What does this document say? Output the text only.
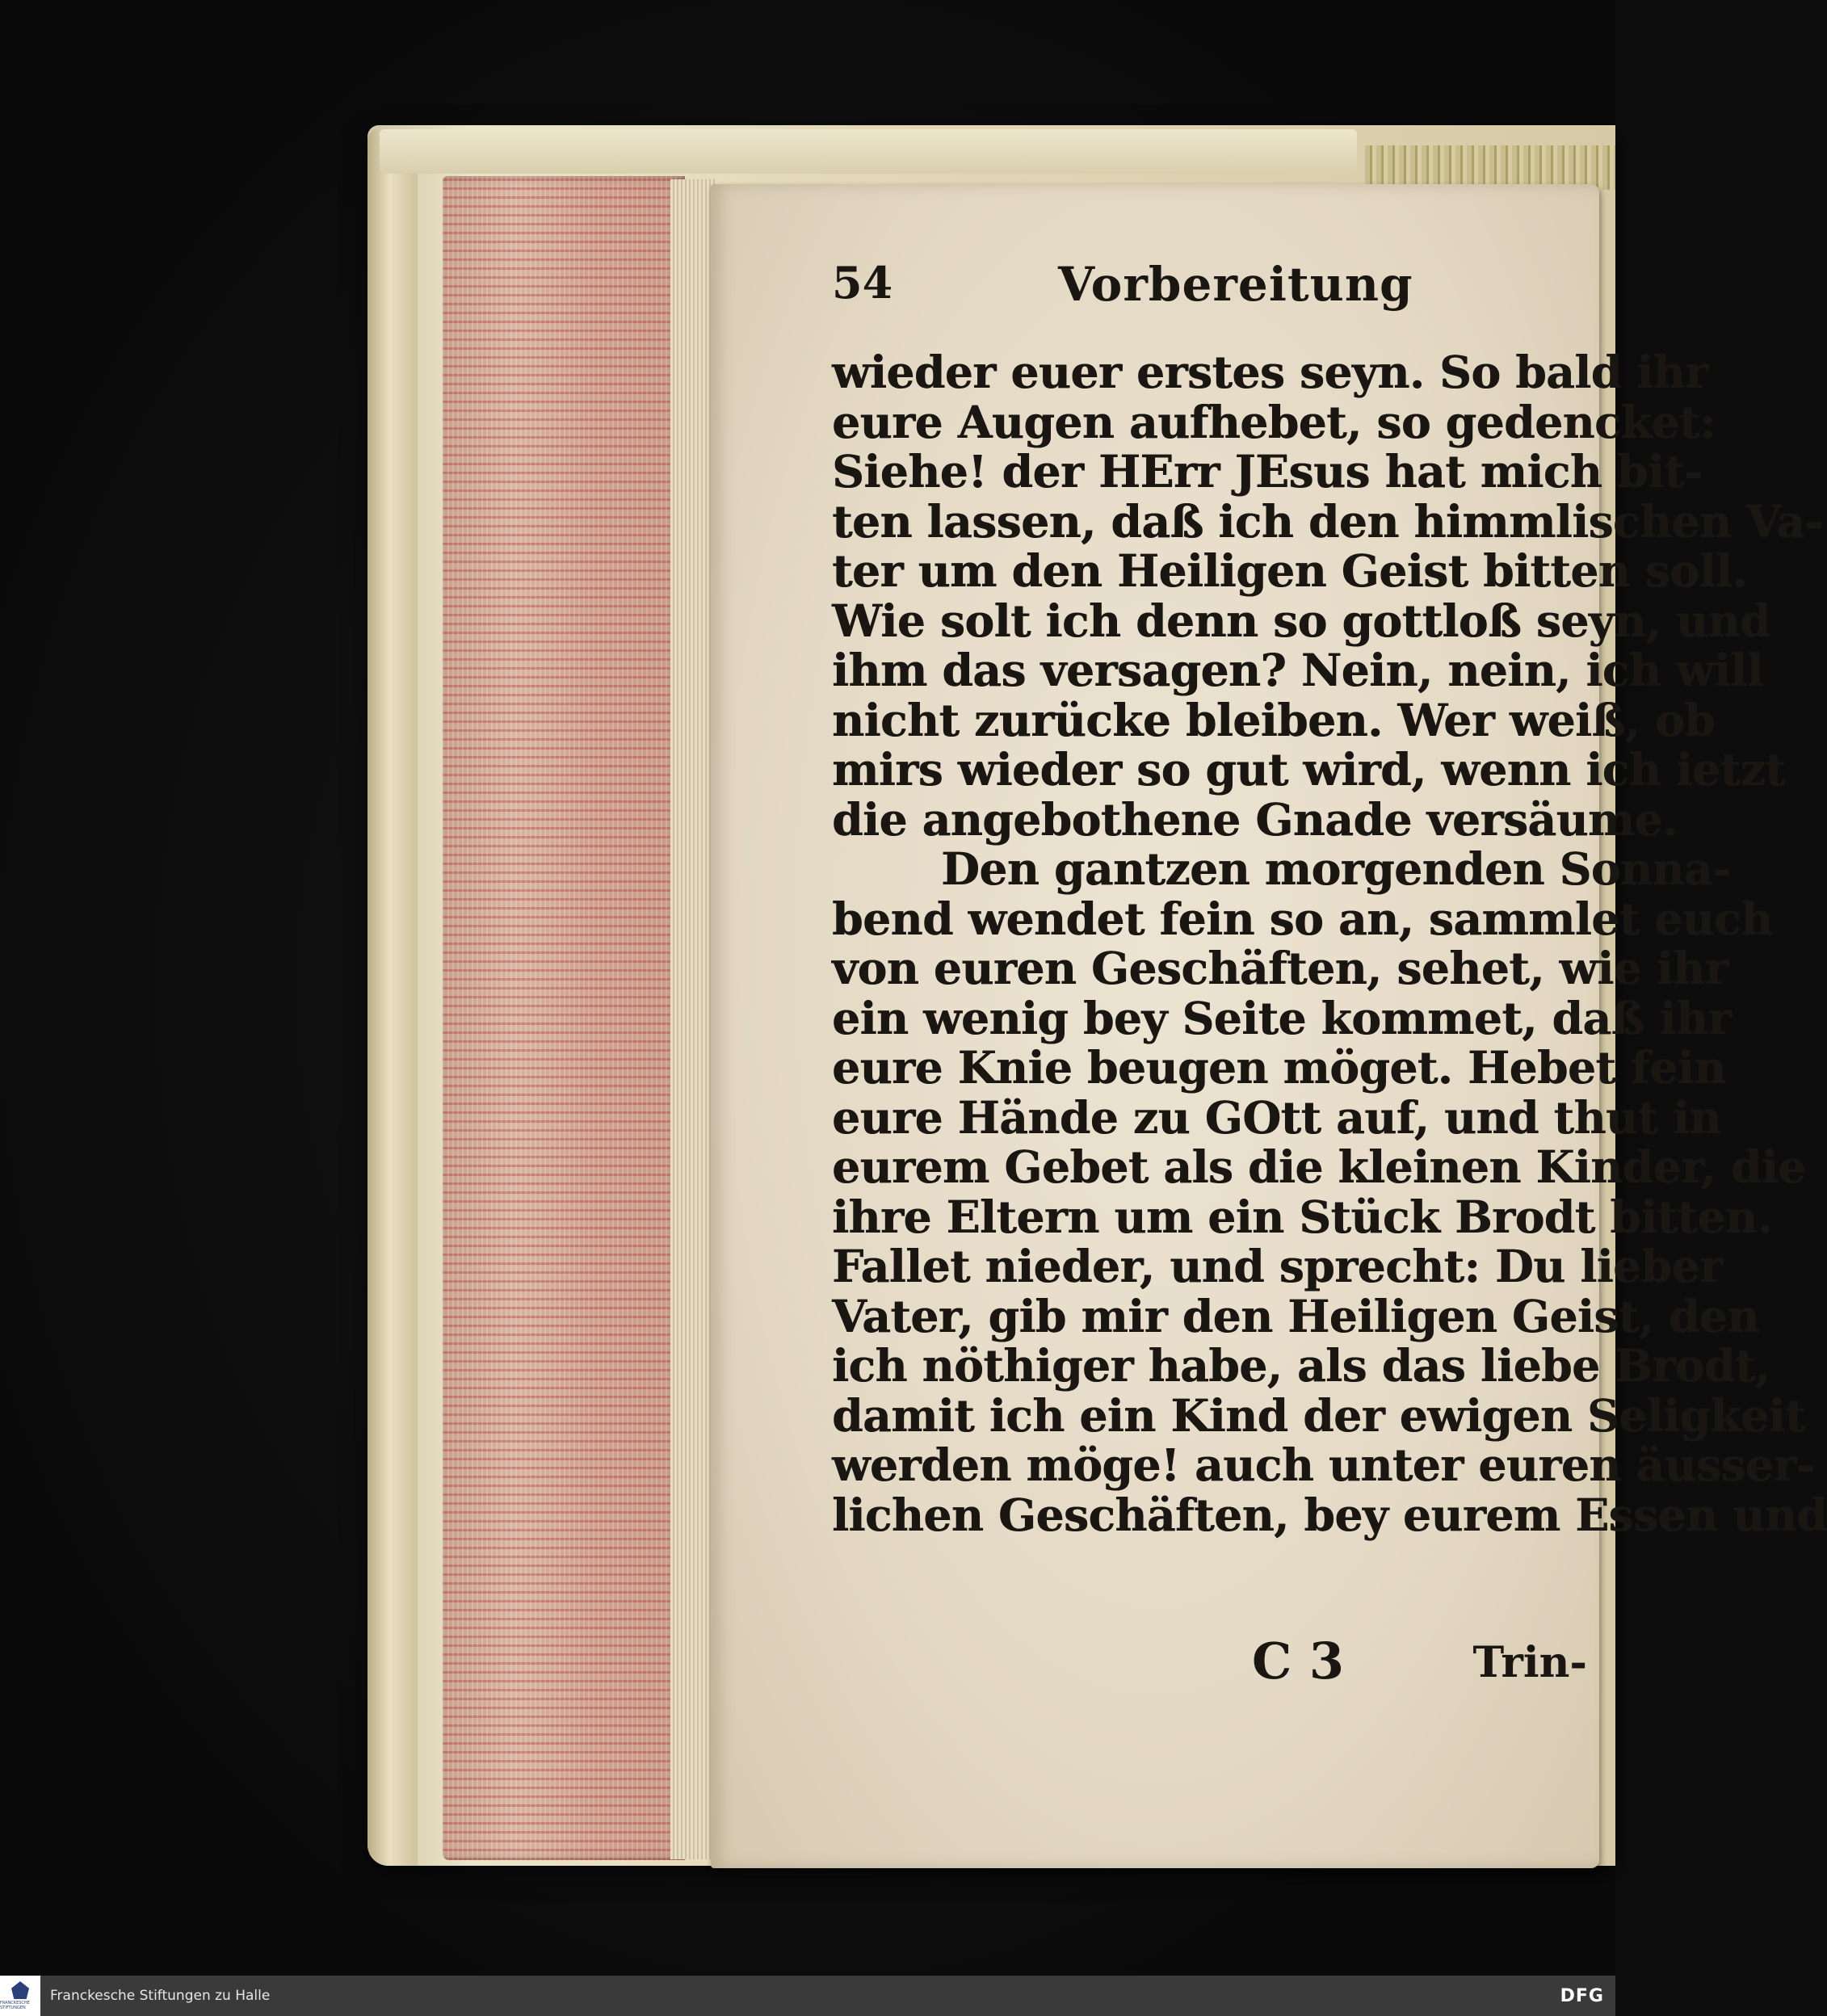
54	Vorbereitung
wieder euer erstes seyn. So bald ihr
eure Augen aufhebet, so gedencket:
Siehe! der HErr JEsus hat mich bit-
ten lassen, daß ich den himmlischen Va-
ter um den Heiligen Geist bitten soll.
Wie solt ich denn so gottloß seyn, und
ihm das versagen? Nein, nein, ich will
nicht zurücke bleiben. Wer weiß, ob
mirs wieder so gut wird, wenn ich ietzt
die angebothene Gnade versäume.
Den gantzen morgenden Sonna-
bend wendet fein so an, sammlet euch
von euren Geschäften, sehet, wie ihr
ein wenig bey Seite kommet, daß ihr
eure Knie beugen möget. Hebet fein
eure Hände zu GOtt auf, und thut in
eurem Gebet als die kleinen Kinder, die
ihre Eltern um ein Stück Brodt bitten.
Fallet nieder, und sprecht: Du lieber
Vater, gib mir den Heiligen Geist, den
ich nöthiger habe, als das liebe Brodt,
damit ich ein Kind der ewigen Seligkeit
werden möge! auch unter euren äusser-
lichen Geschäften, bey eurem Essen und
C 3	Trin-
FRANCKESCHE STIFTUNGEN
Franckesche Stiftungen zu Halle	DFG
